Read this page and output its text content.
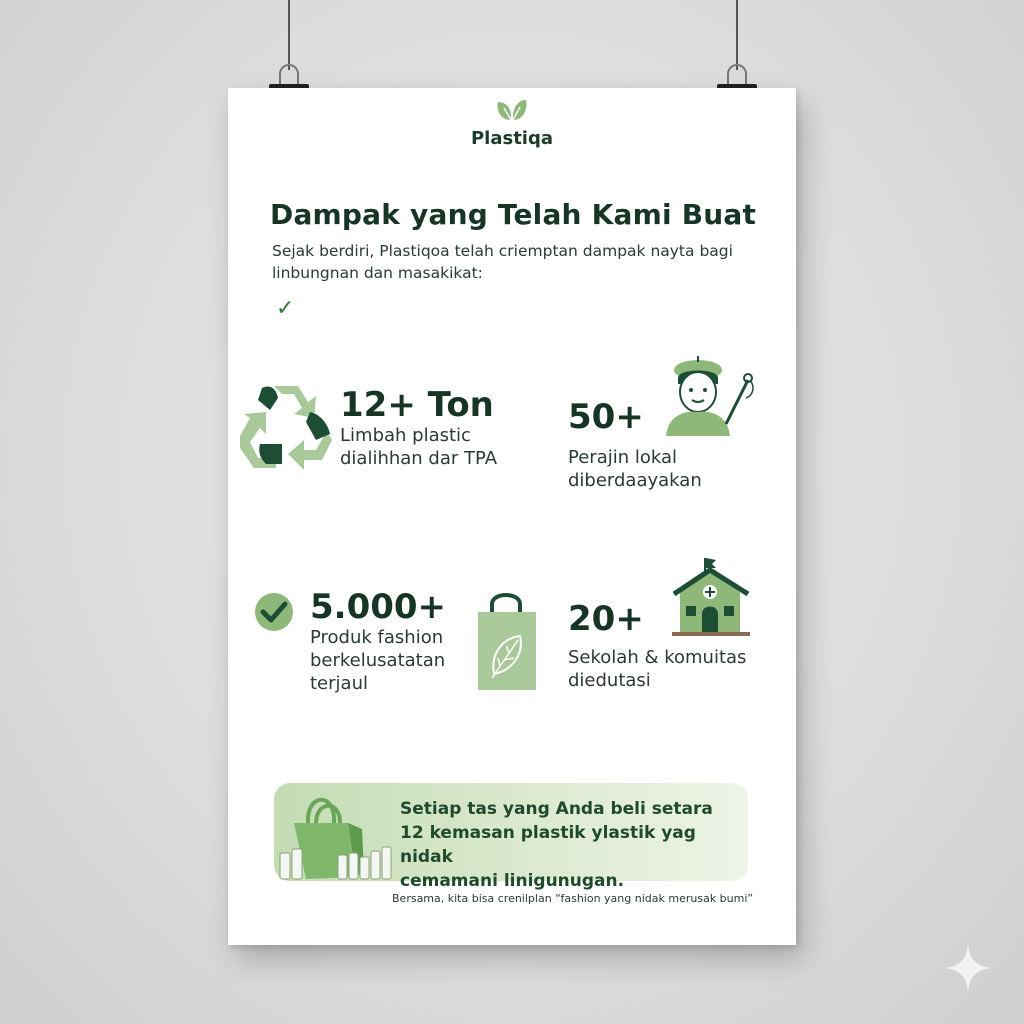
Plastiqa
Dampak yang Telah Kami Buat
Sejak berdiri, Plastiqoa telah criemptan dampak nayta bagi linbungnan dan masakikat:
✓
12+ Ton
Limbah plastic dialihhan dar TPA
50+
Perajin lokal diberdaayakan
5.000+
Produk fashion berkelusatatan terjaul
20+
Sekolah & komuitas diedutasi
Setiap tas yang Anda beli setara
12 kemasan plastik ylastik yag nidak
cemamani linigunugan.
Bersama, kita bisa crenilplan “fashion yang nidak merusak bumi”
